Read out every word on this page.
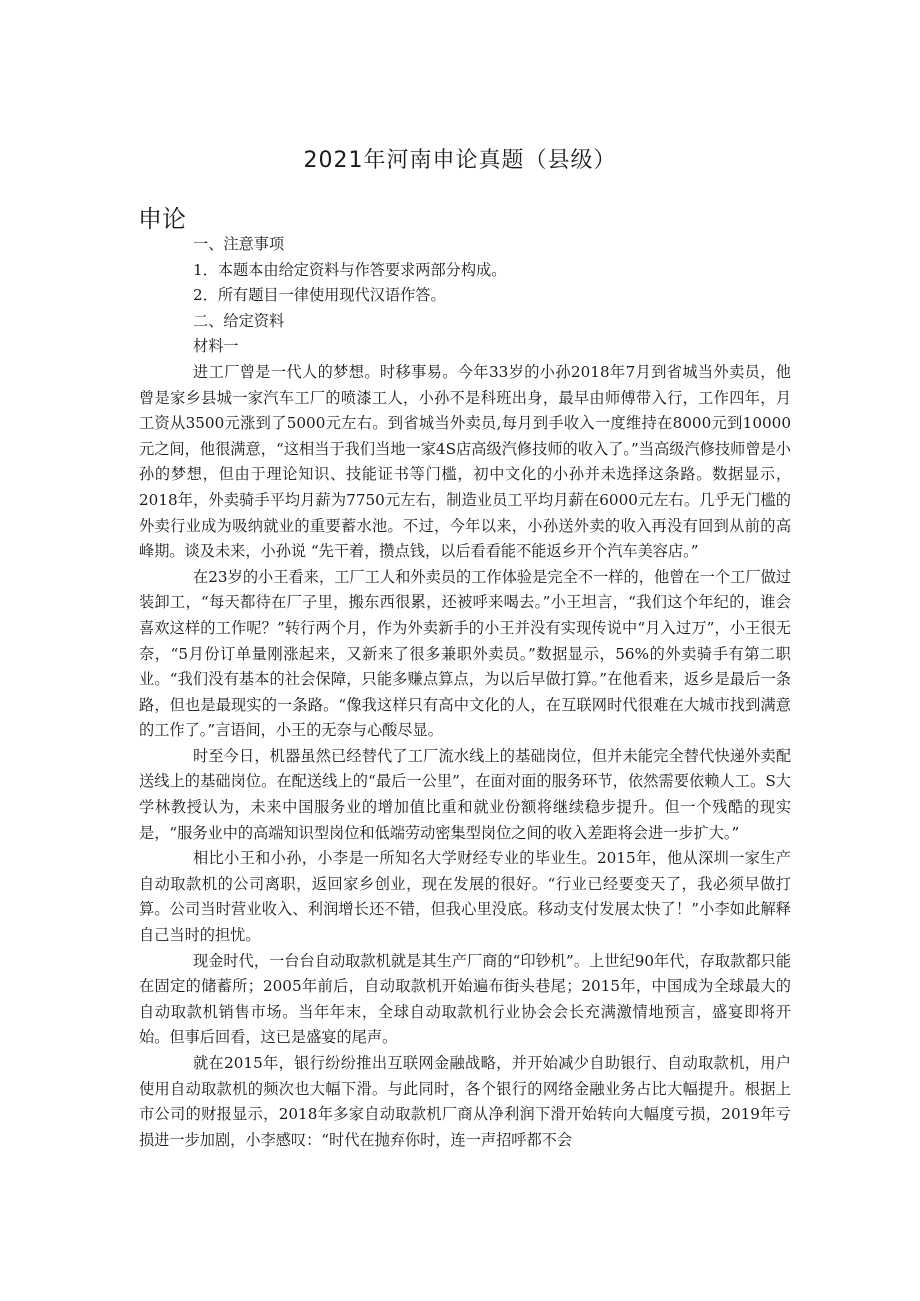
2021年河南申论真题（县级）
申论

一、注意事项

1．本题本由给定资料与作答要求两部分构成。

2．所有题目一律使用现代汉语作答。

二、给定资料

材料一

进工厂曾是一代人的梦想。时移事易。今年33岁的小孙2018年7月到省城当外卖员，他曾是家乡县城一家汽车工厂的喷漆工人，小孙不是科班出身，最早由师傅带入行，工作四年，月工资从3500元涨到了5000元左右。到省城当外卖员,每月到手收入一度维持在8000元到10000元之间，他很满意，“这相当于我们当地一家4S店高级汽修技师的收入了。”当高级汽修技师曾是小孙的梦想，但由于理论知识、技能证书等门槛，初中文化的小孙并未选择这条路。数据显示，2018年，外卖骑手平均月薪为7750元左右，制造业员工平均月薪在6000元左右。几乎无门槛的外卖行业成为吸纳就业的重要蓄水池。不过，今年以来，小孙送外卖的收入再没有回到从前的高峰期。谈及未来，小孙说 “先干着，攒点钱，以后看看能不能返乡开个汽车美容店。”

在23岁的小王看来，工厂工人和外卖员的工作体验是完全不一样的，他曾在一个工厂做过装卸工，“每天都待在厂子里，搬东西很累，还被呼来喝去。”小王坦言，“我们这个年纪的，谁会喜欢这样的工作呢？”转行两个月，作为外卖新手的小王并没有实现传说中“月入过万”，小王很无奈，“5月份订单量刚涨起来，又新来了很多兼职外卖员。”数据显示，56%的外卖骑手有第二职业。“我们没有基本的社会保障，只能多赚点算点，为以后早做打算。”在他看来，返乡是最后一条路，但也是最现实的一条路。“像我这样只有高中文化的人，在互联网时代很难在大城市找到满意的工作了。”言语间，小王的无奈与心酸尽显。

时至今日，机器虽然已经替代了工厂流水线上的基础岗位，但并未能完全替代快递外卖配送线上的基础岗位。在配送线上的“最后一公里”，在面对面的服务环节，依然需要依赖人工。S大学林教授认为，未来中国服务业的增加值比重和就业份额将继续稳步提升。但一个残酷的现实是，“服务业中的高端知识型岗位和低端劳动密集型岗位之间的收入差距将会进一步扩大。”

相比小王和小孙，小李是一所知名大学财经专业的毕业生。2015年，他从深圳一家生产自动取款机的公司离职，返回家乡创业，现在发展的很好。“行业已经要变天了，我必须早做打算。公司当时营业收入、利润增长还不错，但我心里没底。移动支付发展太快了！”小李如此解释自己当时的担忧。

现金时代，一台台自动取款机就是其生产厂商的“印钞机”。上世纪90年代，存取款都只能在固定的储蓄所；2005年前后，自动取款机开始遍布街头巷尾；2015年，中国成为全球最大的自动取款机销售市场。当年年末，全球自动取款机行业协会会长充满激情地预言，盛宴即将开始。但事后回看，这已是盛宴的尾声。

就在2015年，银行纷纷推出互联网金融战略，并开始减少自助银行、自动取款机，用户使用自动取款机的频次也大幅下滑。与此同时，各个银行的网络金融业务占比大幅提升。根据上市公司的财报显示，2018年多家自动取款机厂商从净利润下滑开始转向大幅度亏损，2019年亏损进一步加剧，小李感叹：“时代在抛弃你时，连一声招呼都不会
